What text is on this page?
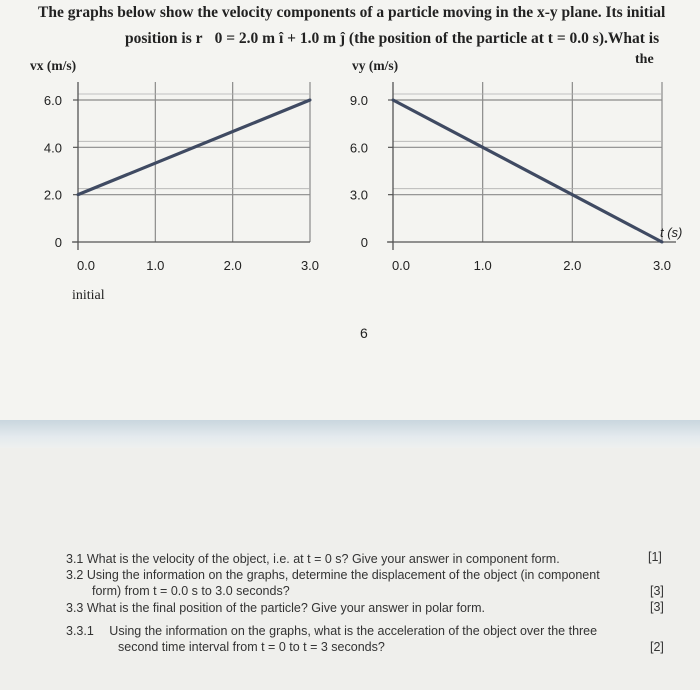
The graphs below show the velocity components of a particle moving in the x-y plane. Its initial
position is r⃗0 = 2.0 m î + 1.0 m ĵ (the position of the particle at t = 0.0 s).What is
the
vx (m/s)	vy (m/s)
0
2.0
4.0
6.0
0.0	1.0	2.0	3.0
0
3.0
6.0
9.0
0.0	1.0	2.0	3.0
t (s)
initial
6
3.1 What is the velocity of the object, i.e. at t = 0 s? Give your answer in component form.	[1]
3.2 Using the information on the graphs, determine the displacement of the object (in component
form) from t = 0.0 s to 3.0 seconds?	[3]
3.3 What is the final position of the particle? Give your answer in polar form.	[3]
3.3.1 Using the information on the graphs, what is the acceleration of the object over the three
second time interval from t = 0 to t = 3 seconds?	[2]
